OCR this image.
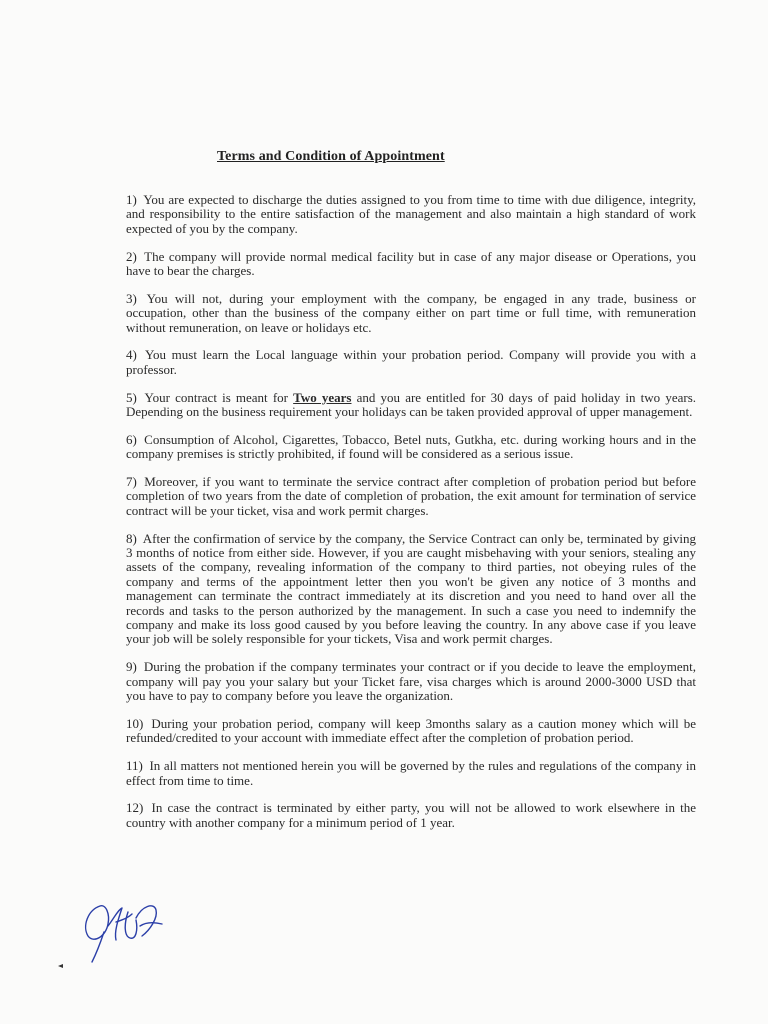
Terms and Condition of Appointment
1) You are expected to discharge the duties assigned to you from time to time with due diligence, integrity, and responsibility to the entire satisfaction of the management and also maintain a high standard of work expected of you by the company.
2) The company will provide normal medical facility but in case of any major disease or Operations, you have to bear the charges.
3) You will not, during your employment with the company, be engaged in any trade, business or occupation, other than the business of the company either on part time or full time, with remuneration without remuneration, on leave or holidays etc.
4) You must learn the Local language within your probation period. Company will provide you with a professor.
5) Your contract is meant for Two years and you are entitled for 30 days of paid holiday in two years. Depending on the business requirement your holidays can be taken provided approval of upper management.
6) Consumption of Alcohol, Cigarettes, Tobacco, Betel nuts, Gutkha, etc. during working hours and in the company premises is strictly prohibited, if found will be considered as a serious issue.
7) Moreover, if you want to terminate the service contract after completion of probation period but before completion of two years from the date of completion of probation, the exit amount for termination of service contract will be your ticket, visa and work permit charges.
8) After the confirmation of service by the company, the Service Contract can only be, terminated by giving 3 months of notice from either side. However, if you are caught misbehaving with your seniors, stealing any assets of the company, revealing information of the company to third parties, not obeying rules of the company and terms of the appointment letter then you won't be given any notice of 3 months and management can terminate the contract immediately at its discretion and you need to hand over all the records and tasks to the person authorized by the management. In such a case you need to indemnify the company and make its loss good caused by you before leaving the country. In any above case if you leave your job will be solely responsible for your tickets, Visa and work permit charges.
9) During the probation if the company terminates your contract or if you decide to leave the employment, company will pay you your salary but your Ticket fare, visa charges which is around 2000-3000 USD that you have to pay to company before you leave the organization.
10) During your probation period, company will keep 3months salary as a caution money which will be refunded/credited to your account with immediate effect after the completion of probation period.
11) In all matters not mentioned herein you will be governed by the rules and regulations of the company in effect from time to time.
12) In case the contract is terminated by either party, you will not be allowed to work elsewhere in the country with another company for a minimum period of 1 year.
